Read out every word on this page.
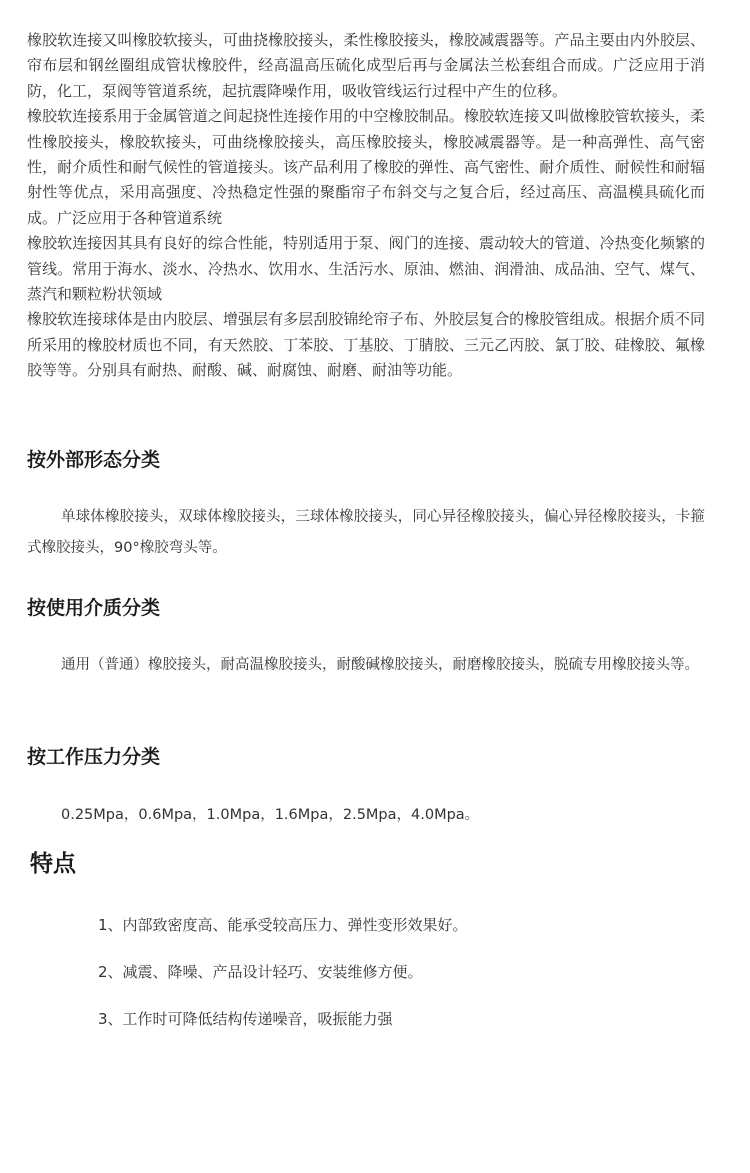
橡胶软连接又叫橡胶软接头，可曲挠橡胶接头，柔性橡胶接头，橡胶减震器等。产品主要由内外胶层、帘布层和钢丝圈组成管状橡胶件，经高温高压硫化成型后再与金属法兰松套组合而成。广泛应用于消防，化工，泵阀等管道系统，起抗震降噪作用，吸收管线运行过程中产生的位移。

橡胶软连接系用于金属管道之间起挠性连接作用的中空橡胶制品。橡胶软连接又叫做橡胶管软接头，柔性橡胶接头，橡胶软接头，可曲绕橡胶接头，高压橡胶接头，橡胶减震器等。是一种高弹性、高气密性，耐介质性和耐气候性的管道接头。该产品利用了橡胶的弹性、高气密性、耐介质性、耐候性和耐辐射性等优点，采用高强度、冷热稳定性强的聚酯帘子布斜交与之复合后，经过高压、高温模具硫化而成。广泛应用于各种管道系统

橡胶软连接因其具有良好的综合性能，特别适用于泵、阀门的连接、震动较大的管道、冷热变化频繁的管线。常用于海水、淡水、冷热水、饮用水、生活污水、原油、燃油、润滑油、成品油、空气、煤气、蒸汽和颗粒粉状领域

橡胶软连接球体是由内胶层、增强层有多层刮胶锦纶帘子布、外胶层复合的橡胶管组成。根据介质不同所采用的橡胶材质也不同，有天然胶、丁苯胶、丁基胶、丁腈胶、三元乙丙胶、氯丁胶、硅橡胶、氟橡胶等等。分别具有耐热、耐酸、碱、耐腐蚀、耐磨、耐油等功能。

按外部形态分类

单球体橡胶接头，双球体橡胶接头，三球体橡胶接头，同心异径橡胶接头，偏心异径橡胶接头，卡箍式橡胶接头，90°橡胶弯头等。

按使用介质分类

通用（普通）橡胶接头，耐高温橡胶接头，耐酸碱橡胶接头，耐磨橡胶接头，脱硫专用橡胶接头等。

按工作压力分类

0.25Mpa，0.6Mpa，1.0Mpa，1.6Mpa，2.5Mpa，4.0Mpa。

特点
1、内部致密度高、能承受较高压力、弹性变形效果好。
2、减震、降噪、产品设计轻巧、安装维修方便。
3、工作时可降低结构传递噪音，吸振能力强
